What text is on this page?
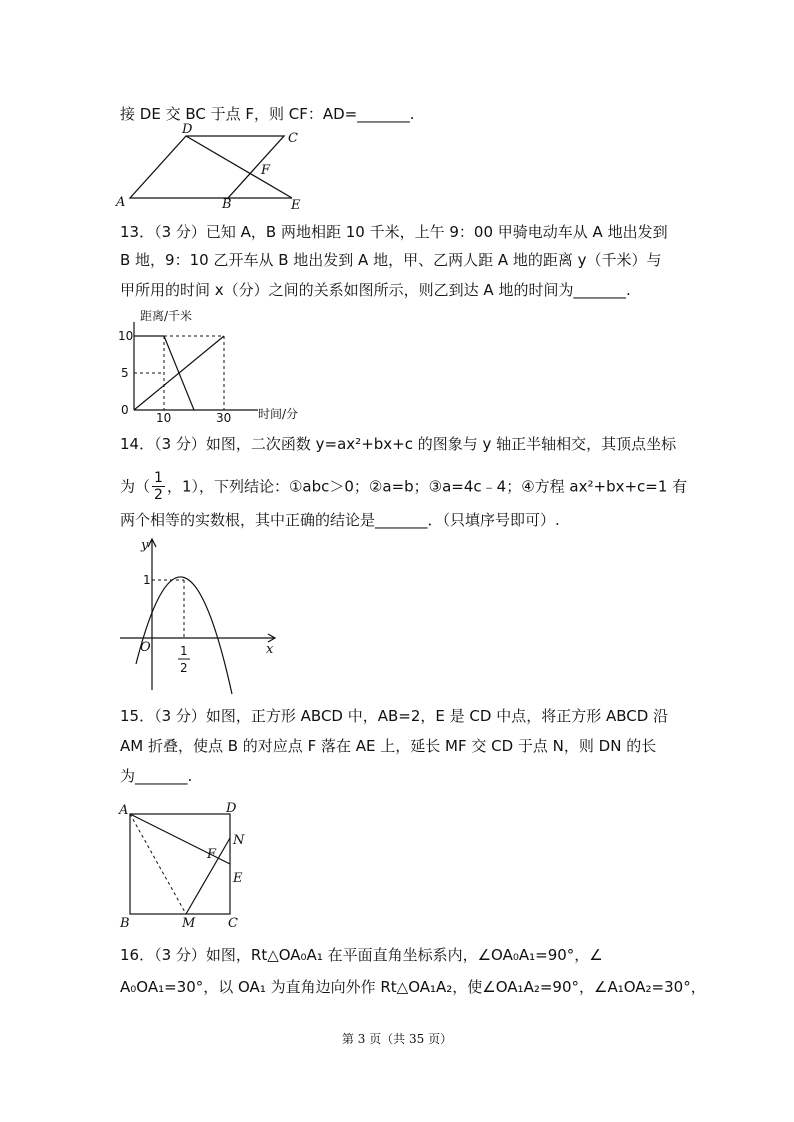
接 DE 交 BC 于点 F，则 CF：AD=_______.
A	B
C
D
E
F
13．（3 分）已知 A，B 两地相距 10 千米，上午 9：00 甲骑电动车从 A 地出发到
B 地，9：10 乙开车从 B 地出发到 A 地，甲、乙两人距 A 地的距离 y（千米）与
甲所用的时间 x（分）之间的关系如图所示，则乙到达 A 地的时间为_______.
距离/千米
时间/分
10
5
0
10	30
14．（3 分）如图，二次函数 y=ax²+bx+c 的图象与 y 轴正半轴相交，其顶点坐标
为（ $\frac{1}{2}$ ，1），下列结论：①abc＞0；②a=b；③a=4c﹣4；④方程 ax²+bx+c=1 有
两个相等的实数根，其中正确的结论是_______．（只填序号即可）.
y
x
O
1
1
2
15．（3 分）如图，正方形 ABCD 中，AB=2，E 是 CD 中点，将正方形 ABCD 沿
AM 折叠，使点 B 的对应点 F 落在 AE 上，延长 MF 交 CD 于点 N，则 DN 的长
为_______.
A
B	C
D
E
F
M
N
16．（3 分）如图，Rt△OA₀A₁ 在平面直角坐标系内，∠OA₀A₁=90°，∠
A₀OA₁=30°，以 OA₁ 为直角边向外作 Rt△OA₁A₂，使∠OA₁A₂=90°，∠A₁OA₂=30°，
第 3 页（共 35 页）
